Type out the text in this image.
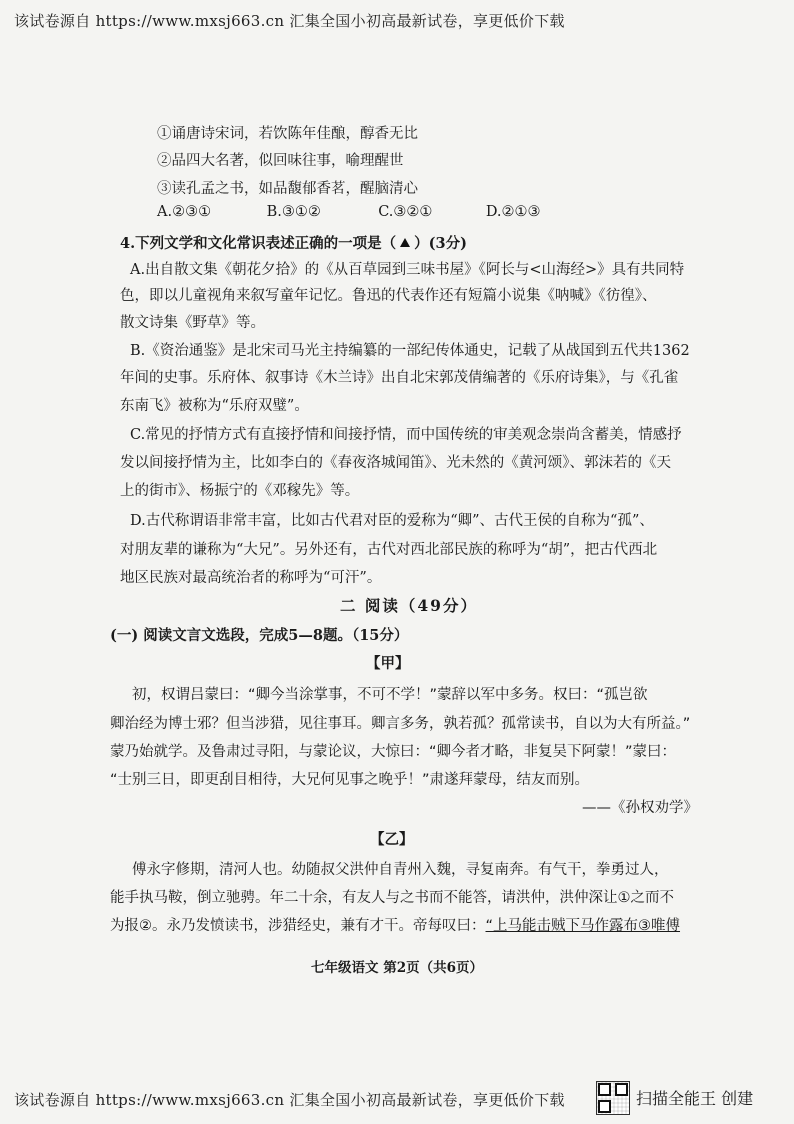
该试卷源自 https://www.mxsj663.cn 汇集全国小初高最新试卷，享更低价下载
①诵唐诗宋词，若饮陈年佳酿，醇香无比
②品四大名著，似回味往事，喻理醒世
③读孔孟之书，如品馥郁香茗，醒脑清心
A.②③①	B.③①②	C.③②①	D.②①③
4.下列文学和文化常识表述正确的一项是（ ）(3分)
A.出自散文集《朝花夕拾》的《从百草园到三味书屋》《阿长与<山海经>》具有共同特
色，即以儿童视角来叙写童年记忆。鲁迅的代表作还有短篇小说集《呐喊》《彷徨》、
散文诗集《野草》等。
B.《资治通鉴》是北宋司马光主持编纂的一部纪传体通史，记载了从战国到五代共1362
年间的史事。乐府体、叙事诗《木兰诗》出自北宋郭茂倩编著的《乐府诗集》，与《孔雀
东南飞》被称为“乐府双璧”。
C.常见的抒情方式有直接抒情和间接抒情，而中国传统的审美观念崇尚含蓄美，情感抒
发以间接抒情为主，比如李白的《春夜洛城闻笛》、光未然的《黄河颂》、郭沫若的《天
上的街市》、杨振宁的《邓稼先》等。
D.古代称谓语非常丰富，比如古代君对臣的爱称为“卿”、古代王侯的自称为“孤”、
对朋友辈的谦称为“大兄”。另外还有，古代对西北部民族的称呼为“胡”，把古代西北
地区民族对最高统治者的称呼为“可汗”。
二 阅读（49分）
(一) 阅读文言文选段，完成5—8题。（15分）
【甲】
初，权谓吕蒙曰：“卿今当涂掌事，不可不学！”蒙辞以军中多务。权曰：“孤岂欲
卿治经为博士邪？但当涉猎，见往事耳。卿言多务，孰若孤？孤常读书，自以为大有所益。”
蒙乃始就学。及鲁肃过寻阳，与蒙论议，大惊曰：“卿今者才略，非复吴下阿蒙！”蒙曰：
“士别三日，即更刮目相待，大兄何见事之晚乎！”肃遂拜蒙母，结友而别。
——《孙权劝学》
【乙】
傅永字修期，清河人也。幼随叔父洪仲自青州入魏，寻复南奔。有气干，拳勇过人，
能手执马鞍，倒立驰骋。年二十余，有友人与之书而不能答，请洪仲，洪仲深让①之而不
为报②。永乃发愤读书，涉猎经史，兼有才干。帝每叹曰：“上马能击贼下马作露布③唯傅
七年级语文 第2页（共6页）
该试卷源自 https://www.mxsj663.cn 汇集全国小初高最新试卷，享更低价下载	扫描全能王 创建
